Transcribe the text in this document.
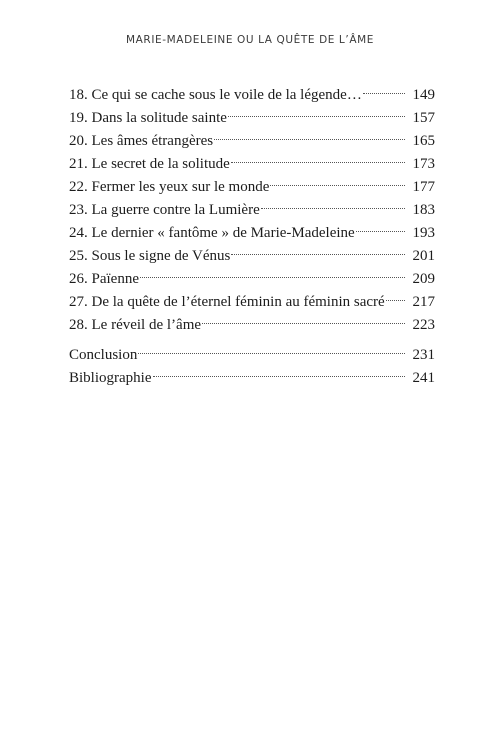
MARIE-MADELEINE OU LA QUÊTE DE L’ÂME
18. Ce qui se cache sous le voile de la légende…	149
19. Dans la solitude sainte	157
20. Les âmes étrangères	165
21. Le secret de la solitude	173
22. Fermer les yeux sur le monde	177
23. La guerre contre la Lumière	183
24. Le dernier « fantôme » de Marie-Madeleine	193
25. Sous le signe de Vénus	201
26. Païenne	209
27. De la quête de l’éternel féminin au féminin sacré 217
28. Le réveil de l’âme	223
Conclusion	231
Bibliographie	241
